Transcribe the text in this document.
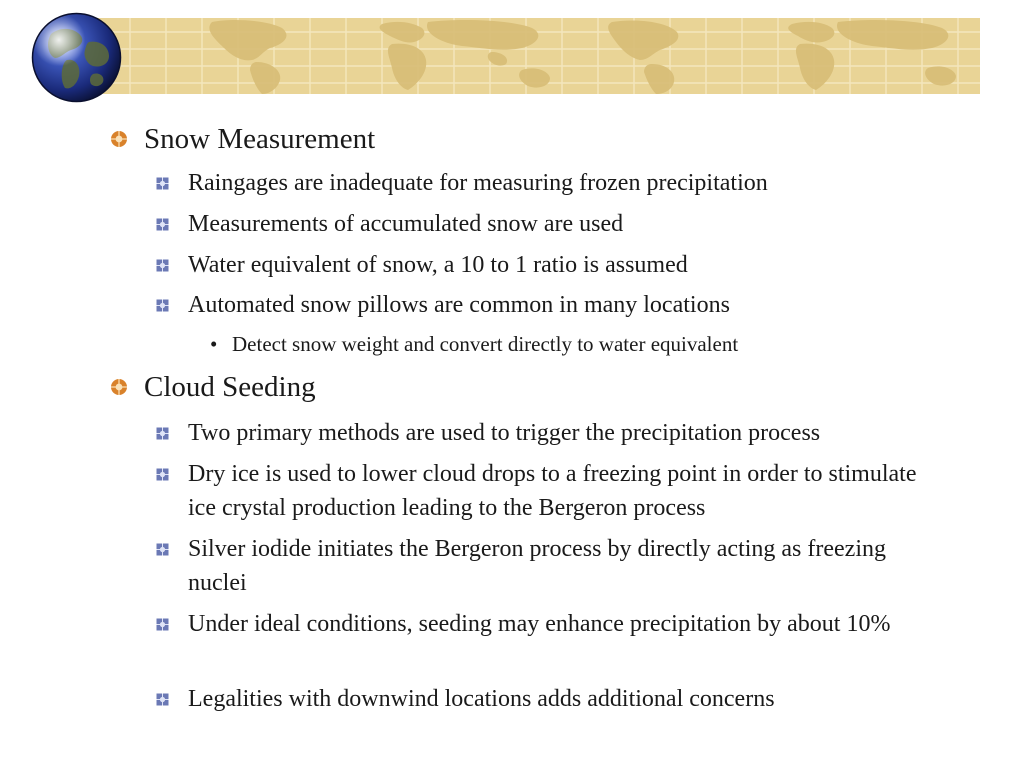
Snow Measurement
Raingages are inadequate for measuring frozen precipitation
Measurements of accumulated snow are used
Water equivalent of snow, a 10 to 1 ratio is assumed
Automated snow pillows are common in many locations
• Detect snow weight and convert directly to water equivalent
Cloud Seeding
Two primary methods are used to trigger the precipitation process
Dry ice is used to lower cloud drops to a freezing point in order to stimulate ice crystal production leading to the Bergeron process
Silver iodide initiates the Bergeron process by directly acting as freezing nuclei
Under ideal conditions, seeding may enhance precipitation by about 10%
Legalities with downwind locations adds additional concerns
